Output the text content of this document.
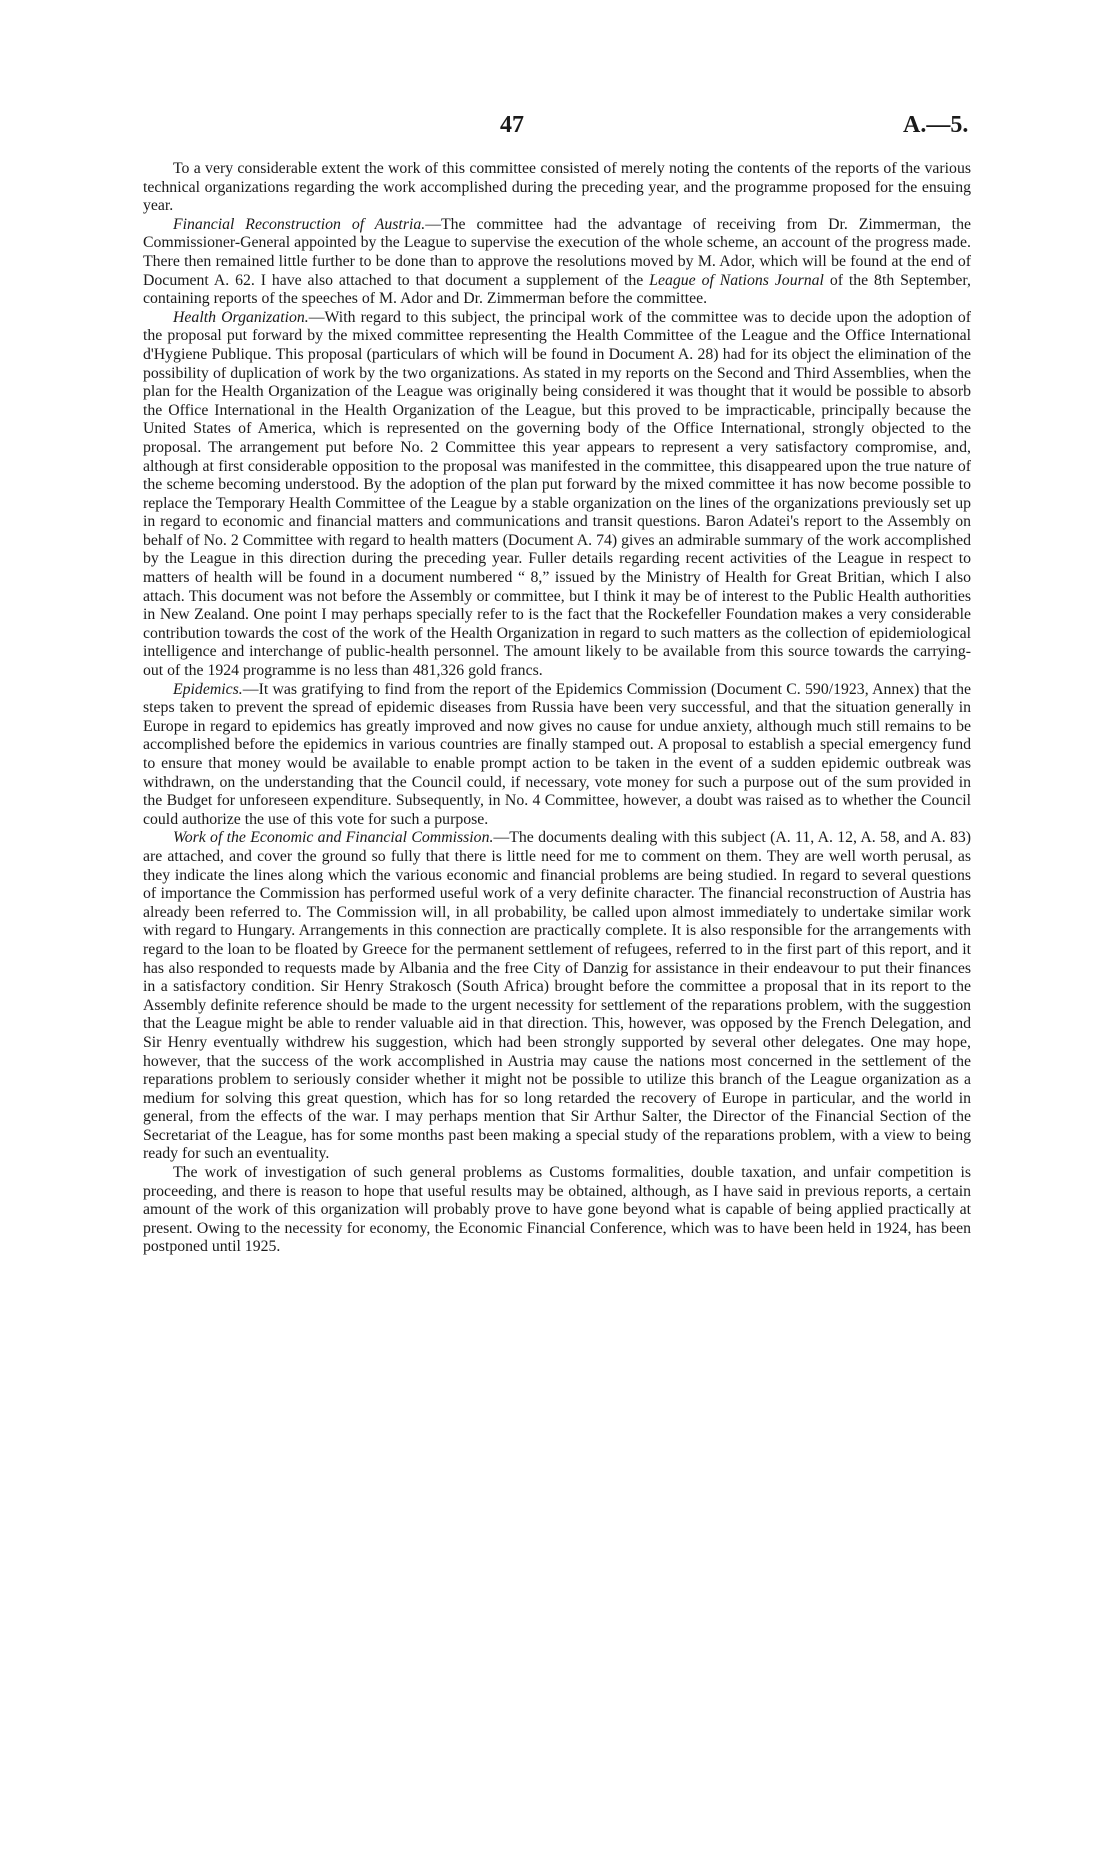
47	A.—5.

To a very considerable extent the work of this committee consisted of merely noting the contents of the reports of the various technical organizations regarding the work accomplished during the preceding year, and the programme proposed for the ensuing year.

Financial Reconstruction of Austria.—The committee had the advantage of receiving from Dr. Zimmerman, the Commissioner-General appointed by the League to supervise the execution of the whole scheme, an account of the progress made. There then remained little further to be done than to approve the resolutions moved by M. Ador, which will be found at the end of Document A. 62. I have also attached to that document a supplement of the League of Nations Journal of the 8th September, containing reports of the speeches of M. Ador and Dr. Zimmerman before the committee.

Health Organization.—With regard to this subject, the principal work of the committee was to decide upon the adoption of the proposal put forward by the mixed committee representing the Health Committee of the League and the Office International d'Hygiene Publique. This proposal (particulars of which will be found in Document A. 28) had for its object the elimination of the possibility of duplication of work by the two organizations. As stated in my reports on the Second and Third Assemblies, when the plan for the Health Organization of the League was originally being considered it was thought that it would be possible to absorb the Office International in the Health Organization of the League, but this proved to be impracticable, principally because the United States of America, which is represented on the governing body of the Office International, strongly objected to the proposal. The arrangement put before No. 2 Committee this year appears to represent a very satisfactory compromise, and, although at first considerable opposition to the proposal was manifested in the committee, this disappeared upon the true nature of the scheme becoming understood. By the adoption of the plan put forward by the mixed committee it has now become possible to replace the Temporary Health Committee of the League by a stable organization on the lines of the organizations previously set up in regard to economic and financial matters and communications and transit questions. Baron Adatei's report to the Assembly on behalf of No. 2 Committee with regard to health matters (Document A. 74) gives an admirable summary of the work accomplished by the League in this direction during the preceding year. Fuller details regarding recent activities of the League in respect to matters of health will be found in a document numbered “ 8,” issued by the Ministry of Health for Great Britian, which I also attach. This document was not before the Assembly or committee, but I think it may be of interest to the Public Health authorities in New Zealand. One point I may perhaps specially refer to is the fact that the Rockefeller Foundation makes a very considerable contribution towards the cost of the work of the Health Organization in regard to such matters as the collection of epidemiological intelligence and interchange of public-health personnel. The amount likely to be available from this source towards the carrying-out of the 1924 programme is no less than 481,326 gold francs.

Epidemics.—It was gratifying to find from the report of the Epidemics Commission (Document C. 590/1923, Annex) that the steps taken to prevent the spread of epidemic diseases from Russia have been very successful, and that the situation generally in Europe in regard to epidemics has greatly improved and now gives no cause for undue anxiety, although much still remains to be accomplished before the epidemics in various countries are finally stamped out. A proposal to establish a special emergency fund to ensure that money would be available to enable prompt action to be taken in the event of a sudden epidemic outbreak was withdrawn, on the understanding that the Council could, if necessary, vote money for such a purpose out of the sum provided in the Budget for unforeseen expenditure. Subsequently, in No. 4 Committee, however, a doubt was raised as to whether the Council could authorize the use of this vote for such a purpose.

Work of the Economic and Financial Commission.—The documents dealing with this subject (A. 11, A. 12, A. 58, and A. 83) are attached, and cover the ground so fully that there is little need for me to comment on them. They are well worth perusal, as they indicate the lines along which the various economic and financial problems are being studied. In regard to several questions of importance the Commission has performed useful work of a very definite character. The financial reconstruction of Austria has already been referred to. The Commission will, in all probability, be called upon almost immediately to undertake similar work with regard to Hungary. Arrangements in this connection are practically complete. It is also responsible for the arrangements with regard to the loan to be floated by Greece for the permanent settlement of refugees, referred to in the first part of this report, and it has also responded to requests made by Albania and the free City of Danzig for assistance in their endeavour to put their finances in a satisfactory condition. Sir Henry Strakosch (South Africa) brought before the committee a proposal that in its report to the Assembly definite reference should be made to the urgent necessity for settlement of the reparations problem, with the suggestion that the League might be able to render valuable aid in that direction. This, however, was opposed by the French Delegation, and Sir Henry eventually withdrew his suggestion, which had been strongly supported by several other delegates. One may hope, however, that the success of the work accomplished in Austria may cause the nations most concerned in the settlement of the reparations problem to seriously consider whether it might not be possible to utilize this branch of the League organization as a medium for solving this great question, which has for so long retarded the recovery of Europe in particular, and the world in general, from the effects of the war. I may perhaps mention that Sir Arthur Salter, the Director of the Financial Section of the Secretariat of the League, has for some months past been making a special study of the reparations problem, with a view to being ready for such an eventuality.

The work of investigation of such general problems as Customs formalities, double taxation, and unfair competition is proceeding, and there is reason to hope that useful results may be obtained, although, as I have said in previous reports, a certain amount of the work of this organization will probably prove to have gone beyond what is capable of being applied practically at present. Owing to the necessity for economy, the Economic Financial Conference, which was to have been held in 1924, has been postponed until 1925.
